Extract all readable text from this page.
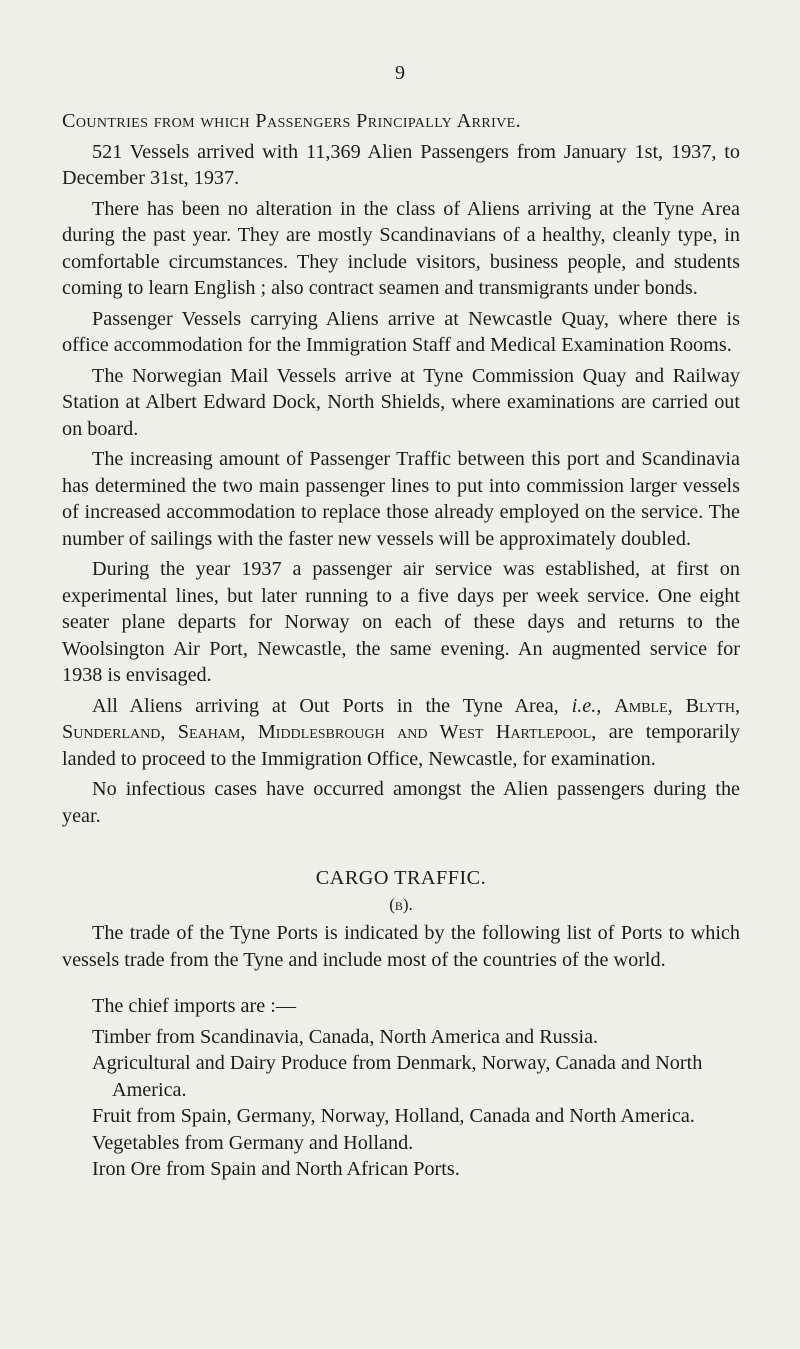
9
Countries from which Passengers Principally Arrive.

521 Vessels arrived with 11,369 Alien Passengers from January 1st, 1937, to December 31st, 1937.

There has been no alteration in the class of Aliens arriving at the Tyne Area during the past year. They are mostly Scandinavians of a healthy, cleanly type, in comfortable circumstances. They include visitors, business people, and students coming to learn English ; also contract seamen and transmigrants under bonds.

Passenger Vessels carrying Aliens arrive at Newcastle Quay, where there is office accommodation for the Immigration Staff and Medical Examination Rooms.

The Norwegian Mail Vessels arrive at Tyne Commission Quay and Railway Station at Albert Edward Dock, North Shields, where examinations are carried out on board.

The increasing amount of Passenger Traffic between this port and Scandinavia has determined the two main passenger lines to put into commission larger vessels of increased accommodation to replace those already employed on the service. The number of sailings with the faster new vessels will be approximately doubled.

During the year 1937 a passenger air service was established, at first on experimental lines, but later running to a five days per week service. One eight seater plane departs for Norway on each of these days and returns to the Woolsington Air Port, Newcastle, the same evening. An augmented service for 1938 is envisaged.

All Aliens arriving at Out Ports in the Tyne Area, i.e., Amble, Blyth, Sunderland, Seaham, Middlesbrough and West Hartlepool, are temporarily landed to proceed to the Immigration Office, Newcastle, for examination.

No infectious cases have occurred amongst the Alien passengers during the year.

CARGO TRAFFIC.
(b).

The trade of the Tyne Ports is indicated by the following list of Ports to which vessels trade from the Tyne and include most of the countries of the world.

The chief imports are :—
Timber from Scandinavia, Canada, North America and Russia.
Agricultural and Dairy Produce from Denmark, Norway, Canada and North America.
Fruit from Spain, Germany, Norway, Holland, Canada and North America.
Vegetables from Germany and Holland.
Iron Ore from Spain and North African Ports.
